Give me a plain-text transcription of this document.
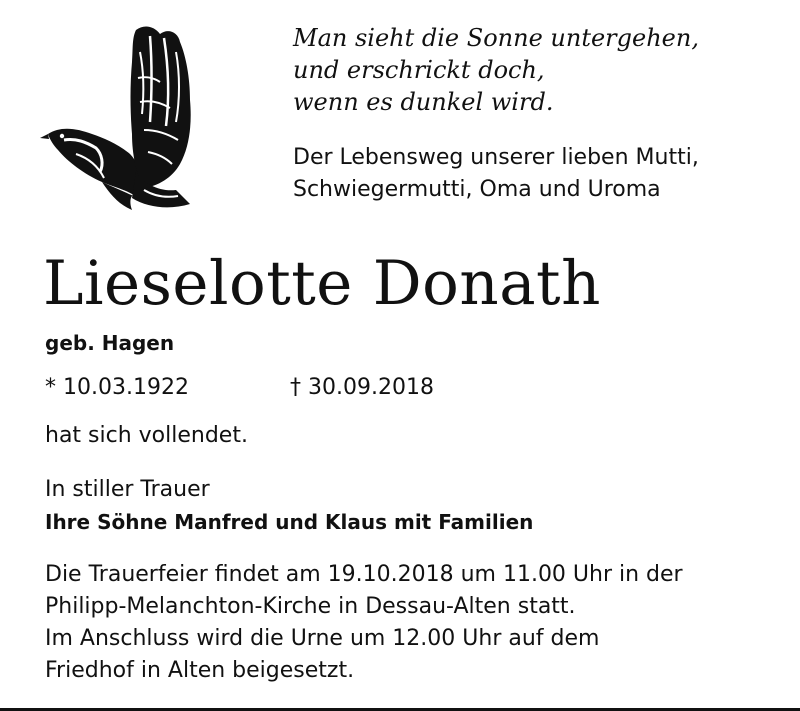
Man sieht die Sonne untergehen,
und erschrickt doch,
wenn es dunkel wird.
Der Lebensweg unserer lieben Mutti,
Schwiegermutti, Oma und Uroma
Lieselotte Donath
geb. Hagen
* 10.03.1922	† 30.09.2018
hat sich vollendet.
In stiller Trauer
Ihre Söhne Manfred und Klaus mit Familien
Die Trauerfeier findet am 19.10.2018 um 11.00 Uhr in der
Philipp-Melanchton-Kirche in Dessau-Alten statt.
Im Anschluss wird die Urne um 12.00 Uhr auf dem
Friedhof in Alten beigesetzt.
